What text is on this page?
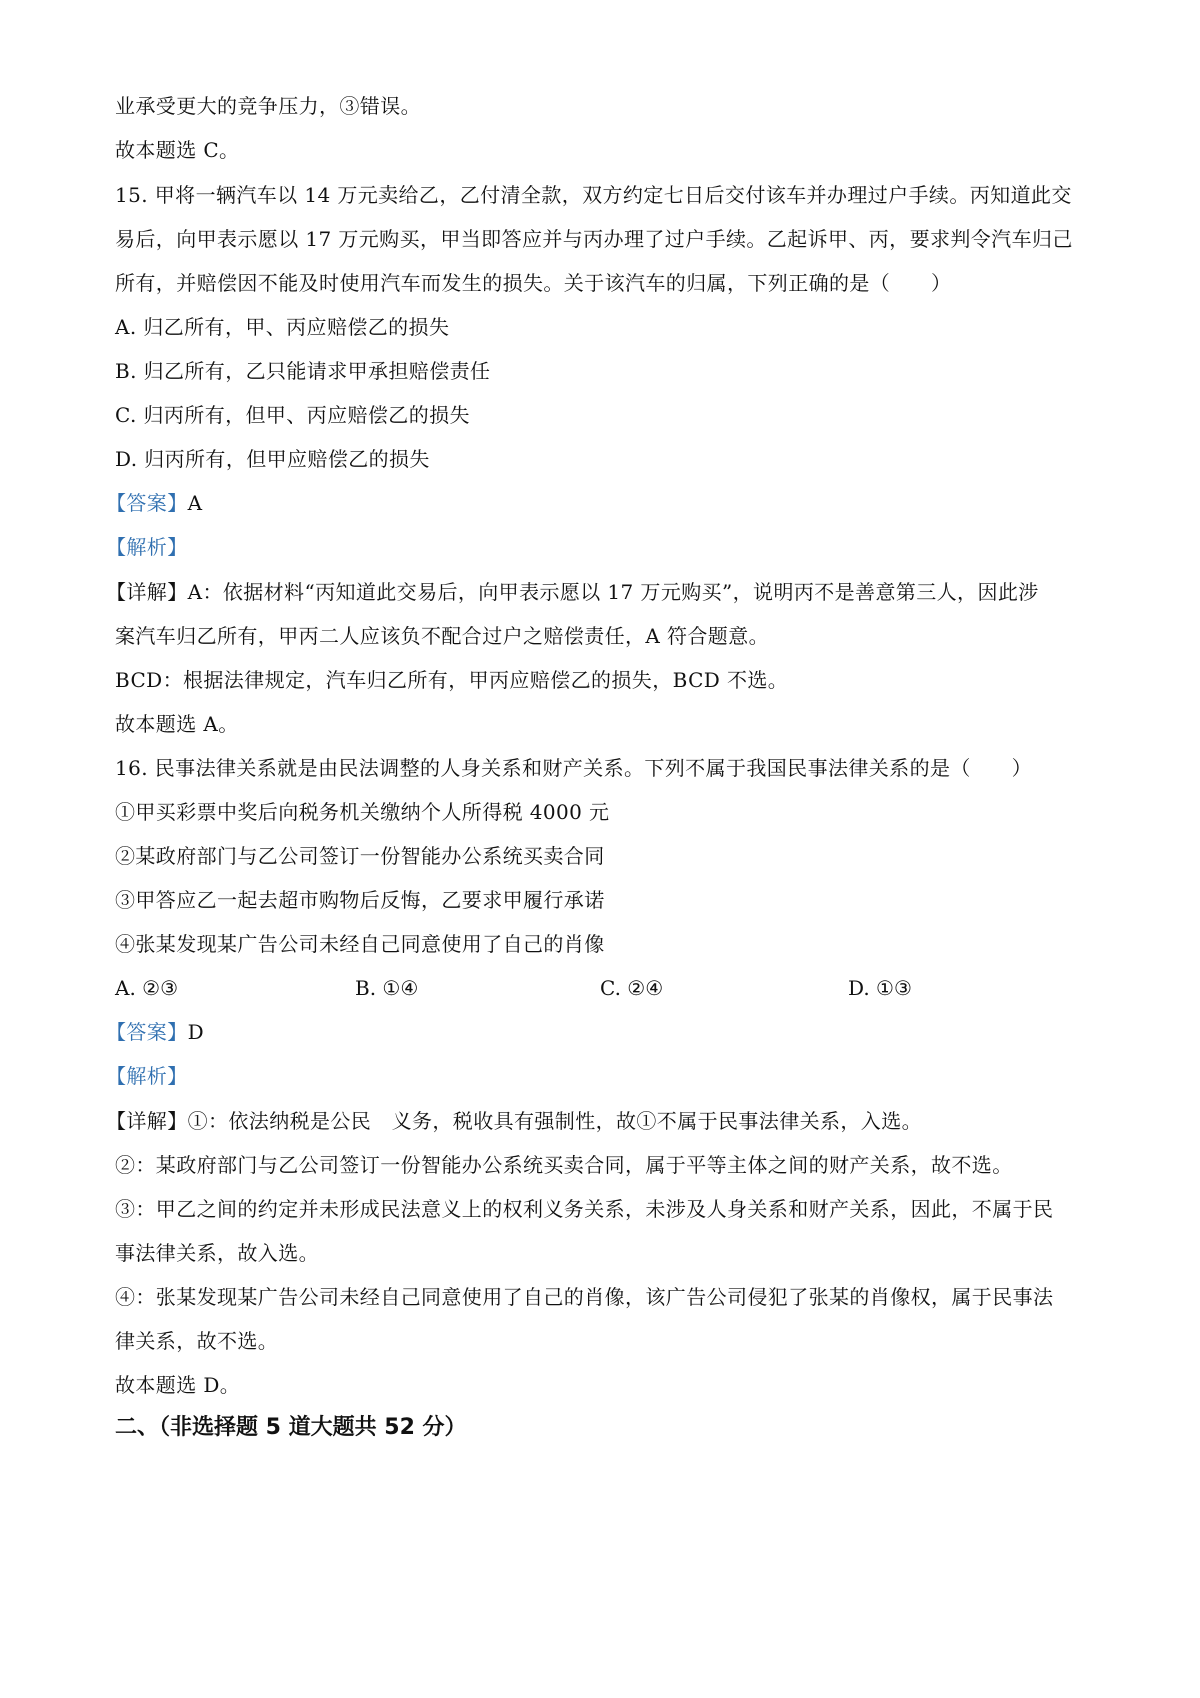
业承受更大的竞争压力，③错误。
故本题选 C。
15. 甲将一辆汽车以 14 万元卖给乙，乙付清全款，双方约定七日后交付该车并办理过户手续。丙知道此交
易后，向甲表示愿以 17 万元购买，甲当即答应并与丙办理了过户手续。乙起诉甲、丙，要求判令汽车归己
所有，并赔偿因不能及时使用汽车而发生的损失。关于该汽车的归属，下列正确的是（　　）
A. 归乙所有，甲、丙应赔偿乙的损失
B. 归乙所有，乙只能请求甲承担赔偿责任
C. 归丙所有，但甲、丙应赔偿乙的损失
D. 归丙所有，但甲应赔偿乙的损失
【答案】A
【解析】
【详解】A：依据材料“丙知道此交易后，向甲表示愿以 17 万元购买”，说明丙不是善意第三人，因此涉
案汽车归乙所有，甲丙二人应该负不配合过户之赔偿责任，A 符合题意。
BCD：根据法律规定，汽车归乙所有，甲丙应赔偿乙的损失，BCD 不选。
故本题选 A。
16. 民事法律关系就是由民法调整的人身关系和财产关系。下列不属于我国民事法律关系的是（　　）
①甲买彩票中奖后向税务机关缴纳个人所得税 4000 元
②某政府部门与乙公司签订一份智能办公系统买卖合同
③甲答应乙一起去超市购物后反悔，乙要求甲履行承诺
④张某发现某广告公司未经自己同意使用了自己的肖像
A. ②③	B. ①④	C. ②④	D. ①③
【答案】D
【解析】
【详解】①：依法纳税是公民　义务，税收具有强制性，故①不属于民事法律关系，入选。
②：某政府部门与乙公司签订一份智能办公系统买卖合同，属于平等主体之间的财产关系，故不选。
③：甲乙之间的约定并未形成民法意义上的权利义务关系，未涉及人身关系和财产关系，因此，不属于民
事法律关系，故入选。
④：张某发现某广告公司未经自己同意使用了自己的肖像，该广告公司侵犯了张某的肖像权，属于民事法
律关系，故不选。
故本题选 D。
二、（非选择题 5 道大题共 52 分）
